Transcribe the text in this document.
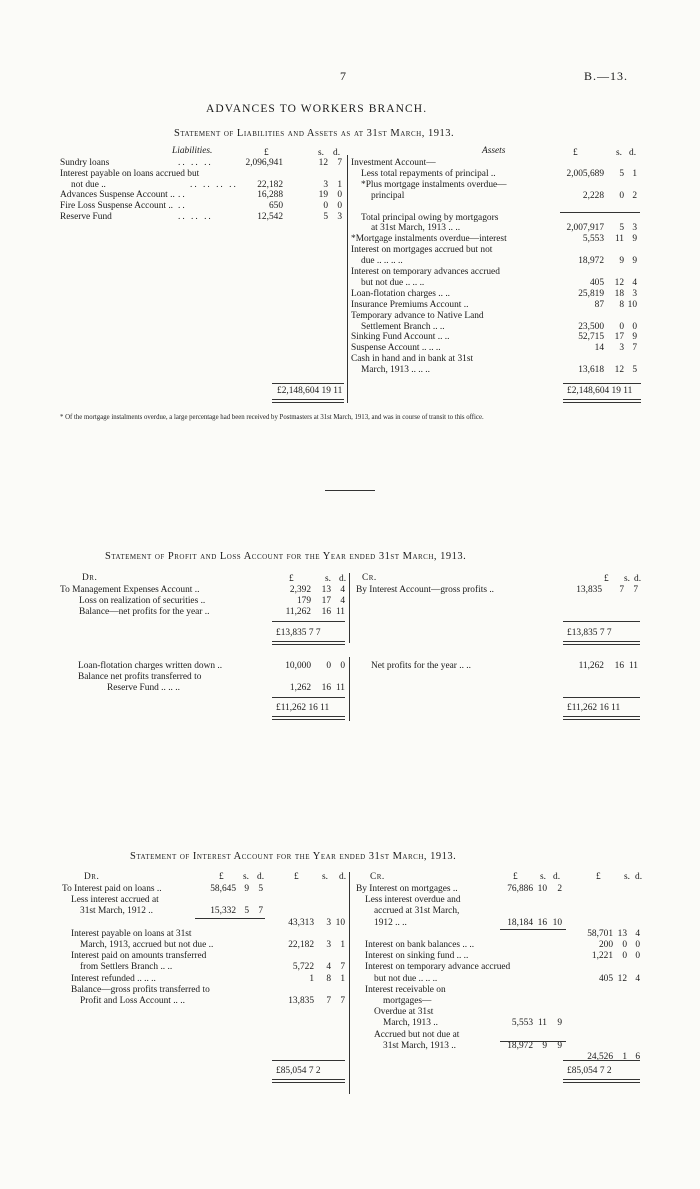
7	B.—13.
ADVANCES TO WORKERS BRANCH.
Statement of Liabilities and Assets as at 31st March, 1913.
Liabilities.	Assets
£	£
s.	s.
d.	d.
Sundry loans	.. .. ..	2,096,941	12 7
Interest payable on loans accrued but
not due ..	.. .. .. .. 22,182	3 1
Advances Suspense Account .. ..	16,288	19 0
Fire Loss Suspense Account .. ..	650	0 0
Reserve Fund	.. .. ..	12,542	5 3
£2,148,604 19 11
Investment Account—
Less total repayments of principal ..	2,005,689 5 1
*Plus mortgage instalments overdue—
principal	2,228 0 2
Total principal owing by mortgagors
at 31st March, 1913 .. ..	2,007,917 5 3
*Mortgage instalments overdue—interest	5,553 11 9
Interest on mortgages accrued but not
due .. .. .. ..	18,972 9 9
Interest on temporary advances accrued
but not due .. .. ..	405 12 4
Loan-flotation charges .. ..	25,819 18 3
Insurance Premiums Account ..	87 8 10
Temporary advance to Native Land
Settlement Branch .. ..	23,500 0 0
Sinking Fund Account .. ..	52,715 17 9
Suspense Account .. .. ..	14 3 7
Cash in hand and in bank at 31st
March, 1913 .. .. ..	13,618 12 5
£2,148,604 19 11
* Of the mortgage instalments overdue, a large percentage had been received by Postmasters at 31st March, 1913, and was in course of transit to this office.
Statement of Profit and Loss Account for the Year ended 31st March, 1913.
Dr.	Cr.
£	s. d.	£ s. d.
To Management Expenses Account ..	2,392 13 4
Loss on realization of securities ..	179 17 4
Balance—net profits for the year ..	11,262 16 11
By Interest Account—gross profits ..	13,835 7 7
£13,835 7 7	£13,835 7 7
Loan-flotation charges written down ..	10,000 0 0
Balance net profits transferred to
Reserve Fund .. .. ..	1,262 16 11
Net profits for the year .. ..	11,262 16 11
£11,262 16 11	£11,262 16 11
Statement of Interest Account for the Year ended 31st March, 1913.
Dr.	Cr.
£ s. d.	£ s. d.	£ s. d.	£ s. d.
To Interest paid on loans ..	58,645 9 5
Less interest accrued at
31st March, 1912 ..	15,332 5 7
43,313 3 10
Interest payable on loans at 31st
March, 1913, accrued but not due ..	22,182 3 1
Interest paid on amounts transferred
from Settlers Branch .. ..	5,722 4 7
Interest refunded .. .. ..	1 8 1
Balance—gross profits transferred to
Profit and Loss Account .. ..	13,835 7 7
By Interest on mortgages ..	76,886 10 2
Less interest overdue and
accrued at 31st March,
1912 .. ..	18,184 16 10
58,701 13 4
Interest on bank balances .. ..	200 0 0
Interest on sinking fund .. ..	1,221 0 0
Interest on temporary advance accrued
but not due .. .. ..	405 12 4
Interest receivable on
mortgages—
Overdue at 31st
March, 1913 ..	5,553 11 9
Accrued but not due at
31st March, 1913 ..	18,972 9 9
24,526 1 6
£85,054 7 2	£85,054 7 2
